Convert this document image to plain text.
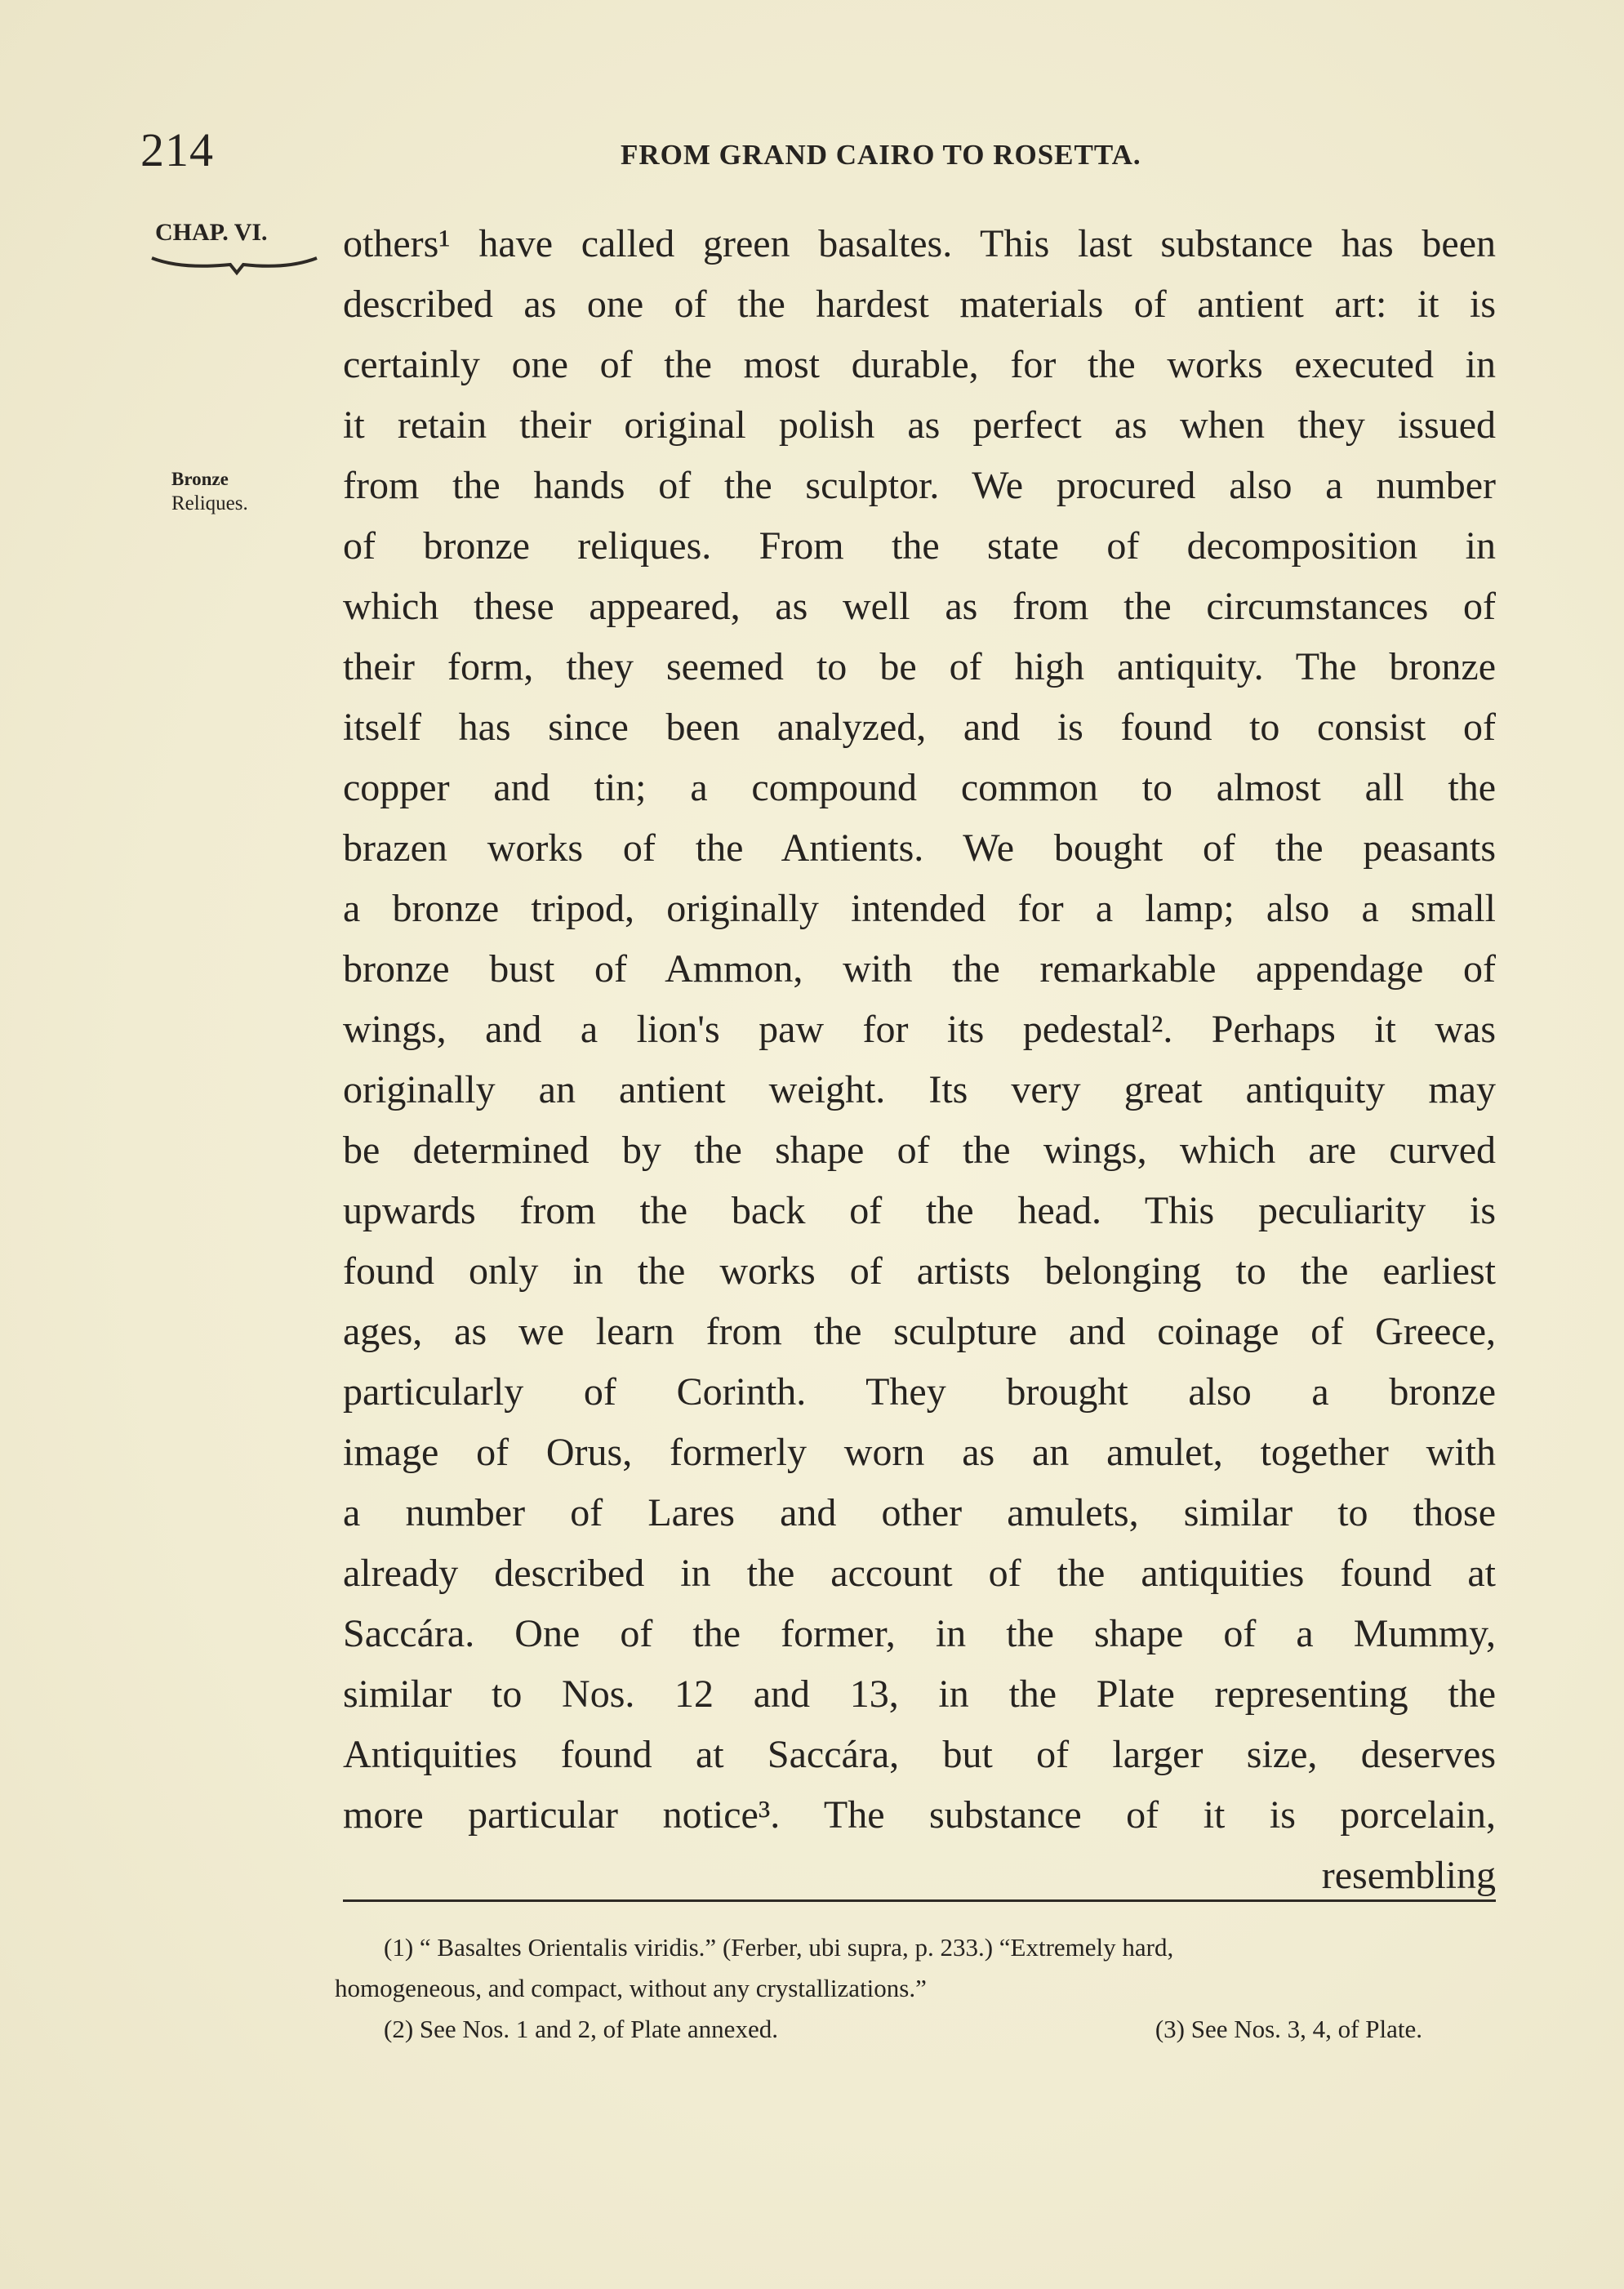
214	FROM GRAND CAIRO TO ROSETTA.
CHAP. VI.
Bronze
Reliques.
others¹ have called green basaltes. This last substance has been
described as one of the hardest materials of antient art: it is
certainly one of the most durable, for the works executed in
it retain their original polish as perfect as when they issued
from the hands of the sculptor. We procured also a number
of bronze reliques. From the state of decomposition in
which these appeared, as well as from the circumstances of
their form, they seemed to be of high antiquity. The bronze
itself has since been analyzed, and is found to consist of
copper and tin; a compound common to almost all the
brazen works of the Antients. We bought of the peasants
a bronze tripod, originally intended for a lamp; also a small
bronze bust of Ammon, with the remarkable appendage of
wings, and a lion's paw for its pedestal². Perhaps it was
originally an antient weight. Its very great antiquity may
be determined by the shape of the wings, which are curved
upwards from the back of the head. This peculiarity is
found only in the works of artists belonging to the earliest
ages, as we learn from the sculpture and coinage of Greece,
particularly of Corinth. They brought also a bronze
image of Orus, formerly worn as an amulet, together with
a number of Lares and other amulets, similar to those
already described in the account of the antiquities found at
Saccára. One of the former, in the shape of a Mummy,
similar to Nos. 12 and 13, in the Plate representing the
Antiquities found at Saccára, but of larger size, deserves
more particular notice³. The substance of it is porcelain,
resembling
(1) “ Basaltes Orientalis viridis.” (Ferber, ubi supra, p. 233.) “Extremely hard,
homogeneous, and compact, without any crystallizations.”
(2) See Nos. 1 and 2, of Plate annexed.	(3) See Nos. 3, 4, of Plate.
